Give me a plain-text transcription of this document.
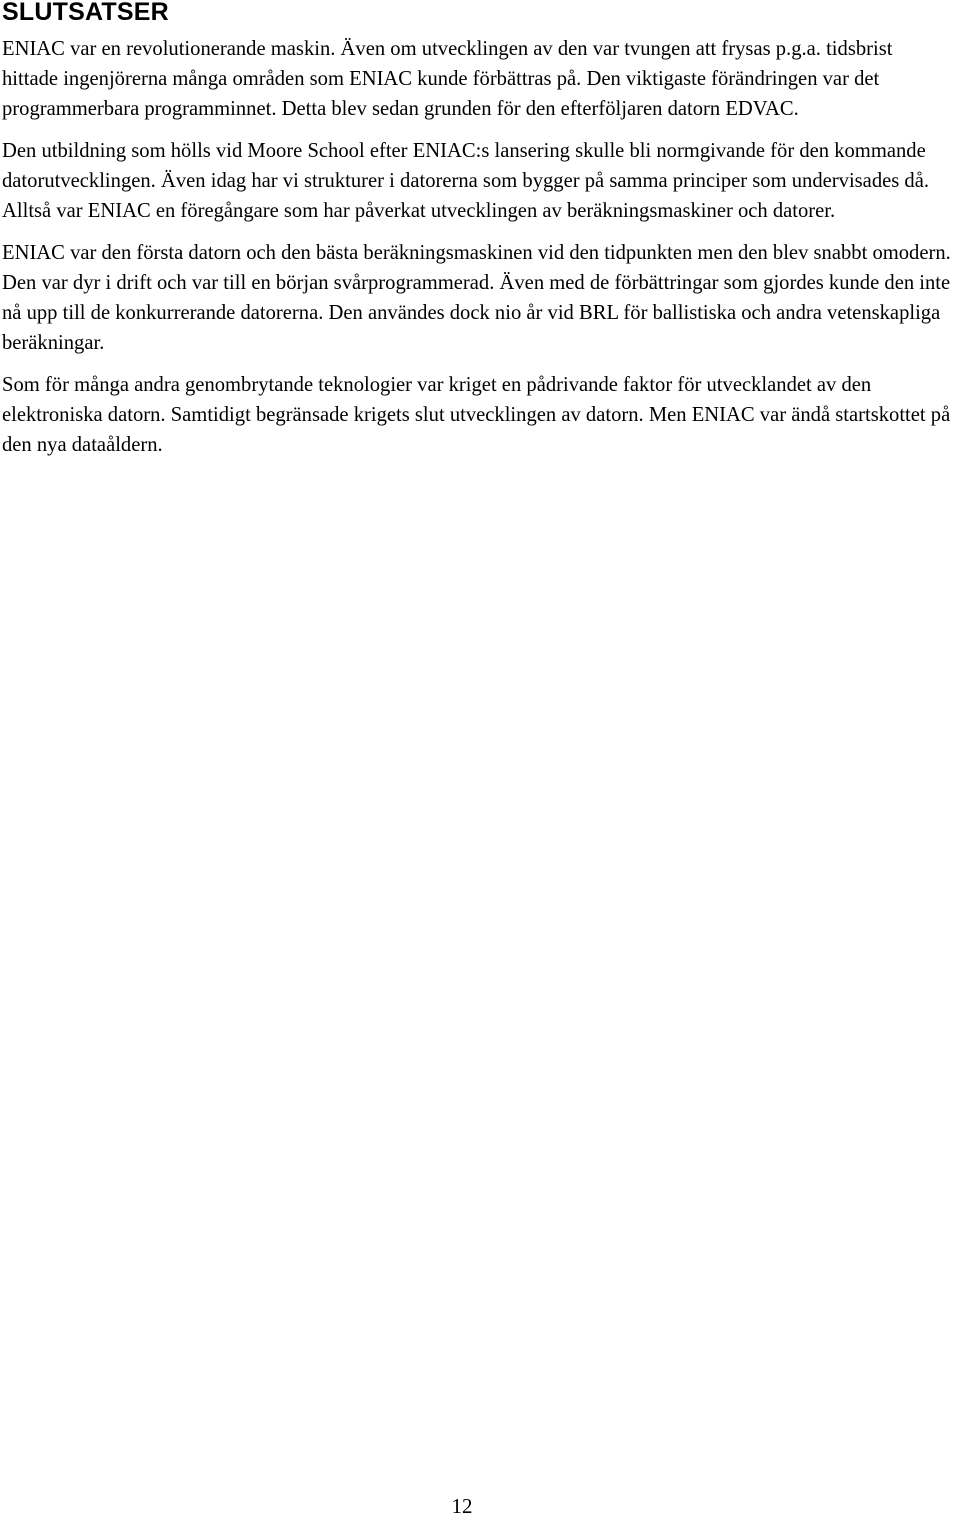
SLUTSATSER

ENIAC var en revolutionerande maskin. Även om utvecklingen av den var tvungen att frysas p.g.a. tidsbrist hittade ingenjörerna många områden som ENIAC kunde förbättras på. Den viktigaste förändringen var det programmerbara programminnet. Detta blev sedan grunden för den efterföljaren datorn EDVAC.

Den utbildning som hölls vid Moore School efter ENIAC:s lansering skulle bli normgivande för den kommande datorutvecklingen. Även idag har vi strukturer i datorerna som bygger på samma principer som undervisades då. Alltså var ENIAC en föregångare som har påverkat utvecklingen av beräkningsmaskiner och datorer.

ENIAC var den första datorn och den bästa beräkningsmaskinen vid den tidpunkten men den blev snabbt omodern. Den var dyr i drift och var till en början svårprogrammerad. Även med de förbättringar som gjordes kunde den inte nå upp till de konkurrerande datorerna. Den användes dock nio år vid BRL för ballistiska och andra vetenskapliga beräkningar.

Som för många andra genombrytande teknologier var kriget en pådrivande faktor för utvecklandet av den elektroniska datorn. Samtidigt begränsade krigets slut utvecklingen av datorn. Men ENIAC var ändå startskottet på den nya dataåldern.

12
